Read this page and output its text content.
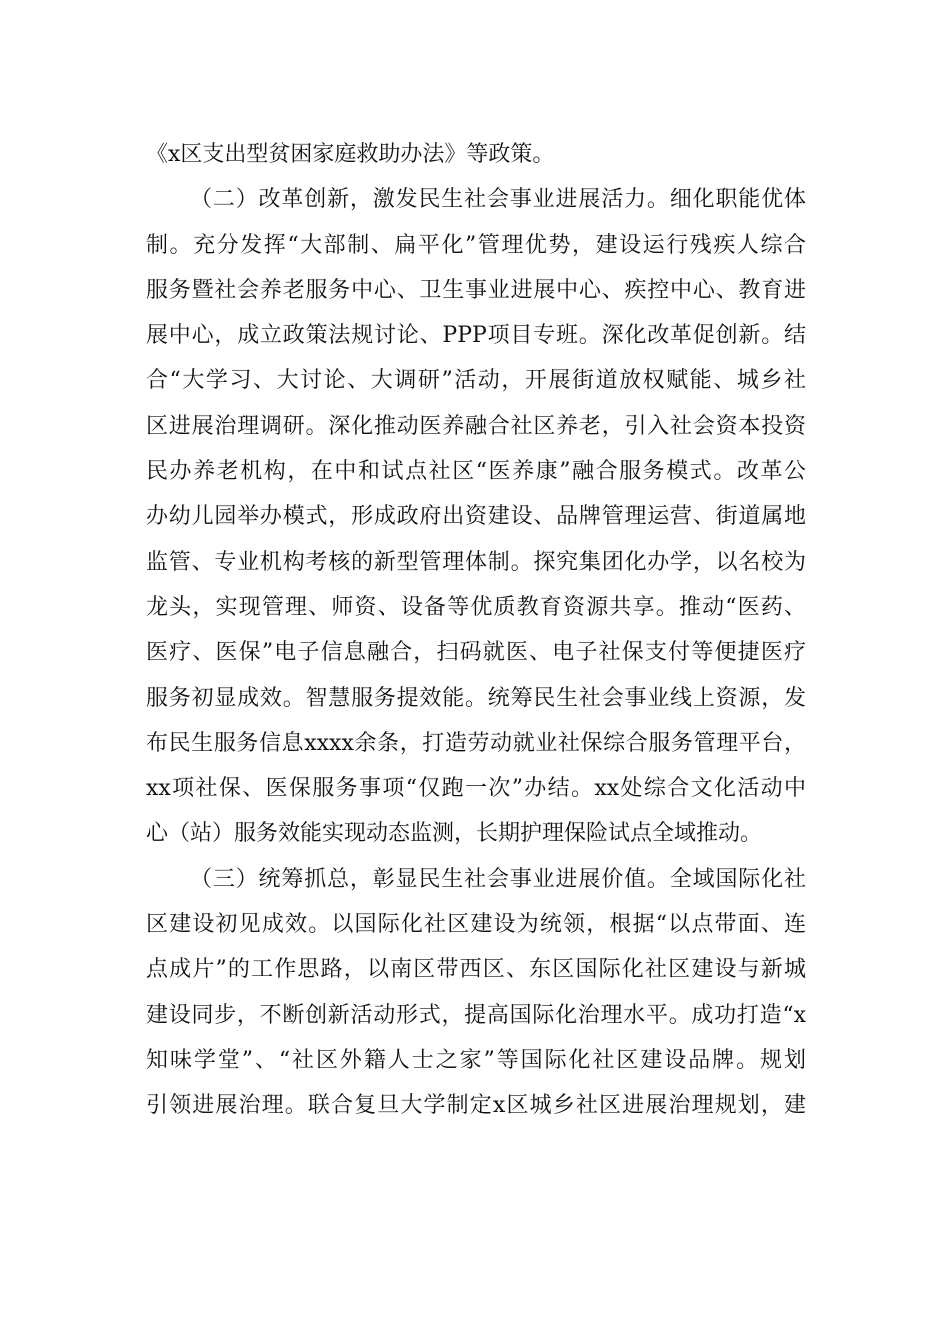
《x区支出型贫困家庭救助办法》等政策。
（二）改革创新，激发民生社会事业进展活力。细化职能优体
制。充分发挥“大部制、扁平化”管理优势，建设运行残疾人综合
服务暨社会养老服务中心、卫生事业进展中心、疾控中心、教育进
展中心，成立政策法规讨论、PPP项目专班。深化改革促创新。结
合“大学习、大讨论、大调研”活动，开展街道放权赋能、城乡社
区进展治理调研。深化推动医养融合社区养老，引入社会资本投资
民办养老机构，在中和试点社区“医养康”融合服务模式。改革公
办幼儿园举办模式，形成政府出资建设、品牌管理运营、街道属地
监管、专业机构考核的新型管理体制。探究集团化办学，以名校为
龙头，实现管理、师资、设备等优质教育资源共享。推动“医药、
医疗、医保”电子信息融合，扫码就医、电子社保支付等便捷医疗
服务初显成效。智慧服务提效能。统筹民生社会事业线上资源，发
布民生服务信息xxxx余条，打造劳动就业社保综合服务管理平台，
xx项社保、医保服务事项“仅跑一次”办结。xx处综合文化活动中
心（站）服务效能实现动态监测，长期护理保险试点全域推动。
（三）统筹抓总，彰显民生社会事业进展价值。全域国际化社
区建设初见成效。以国际化社区建设为统领，根据“以点带面、连
点成片”的工作思路，以南区带西区、东区国际化社区建设与新城
建设同步，不断创新活动形式，提高国际化治理水平。成功打造“x
知味学堂”、“社区外籍人士之家”等国际化社区建设品牌。规划
引领进展治理。联合复旦大学制定x区城乡社区进展治理规划，建
